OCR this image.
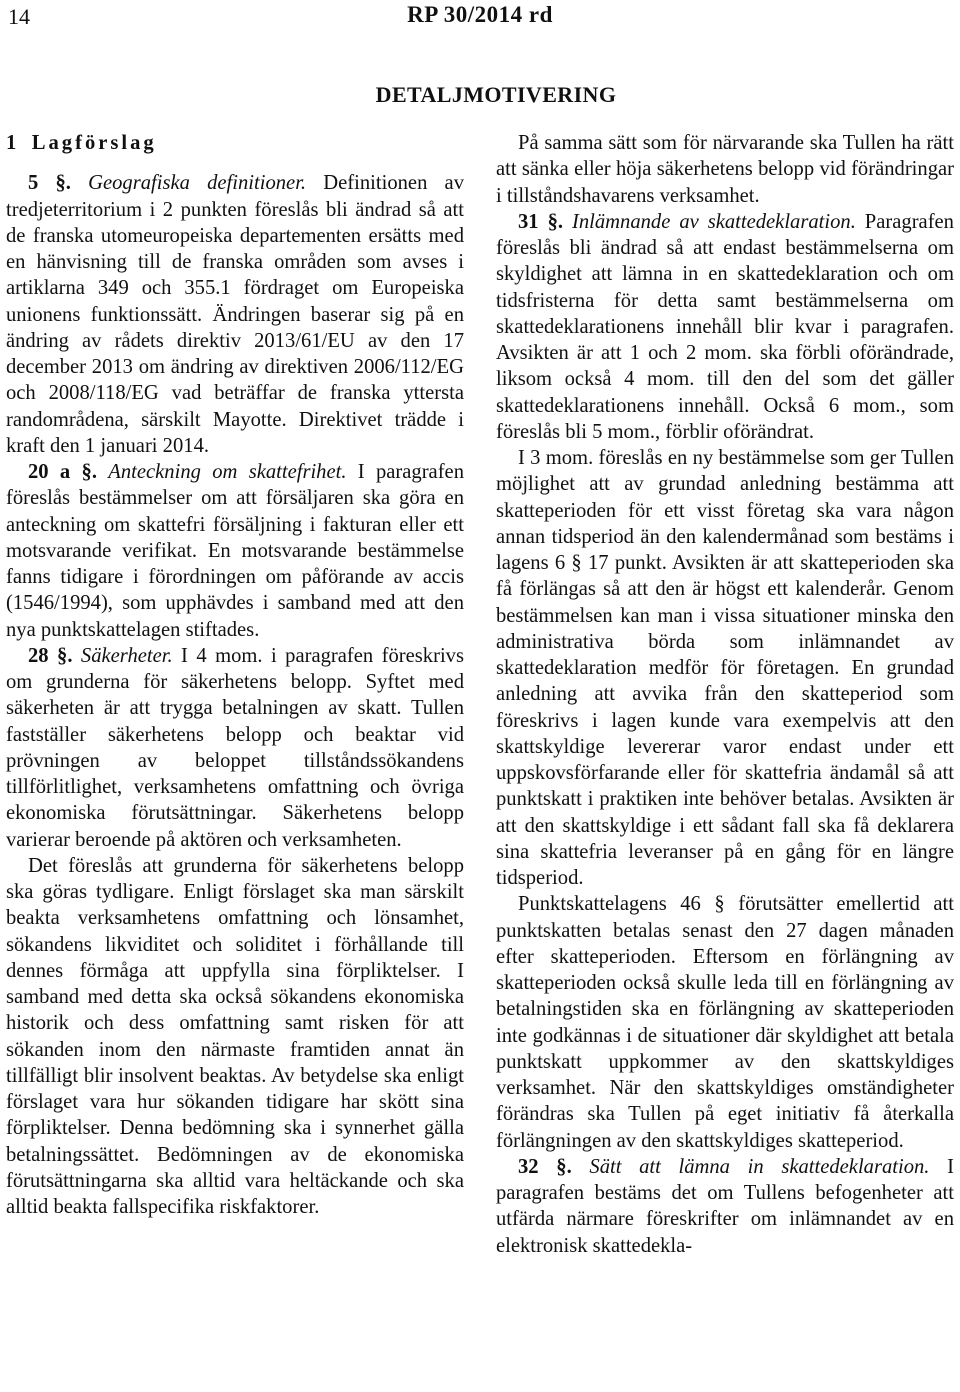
14	RP 30/2014 rd
DETALJMOTIVERING

1 Lagförslag

5 §. Geografiska definitioner. Definitionen av tredjeterritorium i 2 punkten föreslås bli ändrad så att de franska utomeuropeiska departementen ersätts med en hänvisning till de franska områden som avses i artiklarna 349 och 355.1 fördraget om Europeiska unionens funktionssätt. Ändringen baserar sig på en ändring av rådets direktiv 2013/61/EU av den 17 december 2013 om ändring av direktiven 2006/112/EG och 2008/118/EG vad beträffar de franska yttersta randområdena, särskilt Mayotte. Direktivet trädde i kraft den 1 januari 2014.

20 a §. Anteckning om skattefrihet. I paragrafen föreslås bestämmelser om att försäljaren ska göra en anteckning om skattefri försäljning i fakturan eller ett motsvarande verifikat. En motsvarande bestämmelse fanns tidigare i förordningen om påförande av accis (1546/1994), som upphävdes i samband med att den nya punktskattelagen stiftades.

28 §. Säkerheter. I 4 mom. i paragrafen föreskrivs om grunderna för säkerhetens belopp. Syftet med säkerheten är att trygga betalningen av skatt. Tullen fastställer säkerhetens belopp och beaktar vid prövningen av beloppet tillståndssökandens tillförlitlighet, verksamhetens omfattning och övriga ekonomiska förutsättningar. Säkerhetens belopp varierar beroende på aktören och verksamheten.

Det föreslås att grunderna för säkerhetens belopp ska göras tydligare. Enligt förslaget ska man särskilt beakta verksamhetens omfattning och lönsamhet, sökandens likviditet och soliditet i förhållande till dennes förmåga att uppfylla sina förpliktelser. I samband med detta ska också sökandens ekonomiska historik och dess omfattning samt risken för att sökanden inom den närmaste framtiden annat än tillfälligt blir insolvent beaktas. Av betydelse ska enligt förslaget vara hur sökanden tidigare har skött sina förpliktelser. Denna bedömning ska i synnerhet gälla betalningssättet. Bedömningen av de ekonomiska förutsättningarna ska alltid vara heltäckande och ska alltid beakta fallspecifika riskfaktorer.

På samma sätt som för närvarande ska Tullen ha rätt att sänka eller höja säkerhetens belopp vid förändringar i tillståndshavarens verksamhet.

31 §. Inlämnande av skattedeklaration. Paragrafen föreslås bli ändrad så att endast bestämmelserna om skyldighet att lämna in en skattedeklaration och om tidsfristerna för detta samt bestämmelserna om skattedeklarationens innehåll blir kvar i paragrafen. Avsikten är att 1 och 2 mom. ska förbli oförändrade, liksom också 4 mom. till den del som det gäller skattedeklarationens innehåll. Också 6 mom., som föreslås bli 5 mom., förblir oförändrat.

I 3 mom. föreslås en ny bestämmelse som ger Tullen möjlighet att av grundad anledning bestämma att skatteperioden för ett visst företag ska vara någon annan tidsperiod än den kalendermånad som bestäms i lagens 6 § 17 punkt. Avsikten är att skatteperioden ska få förlängas så att den är högst ett kalenderår. Genom bestämmelsen kan man i vissa situationer minska den administrativa börda som inlämnandet av skattedeklaration medför för företagen. En grundad anledning att avvika från den skatteperiod som föreskrivs i lagen kunde vara exempelvis att den skattskyldige levererar varor endast under ett uppskovsförfarande eller för skattefria ändamål så att punktskatt i praktiken inte behöver betalas. Avsikten är att den skattskyldige i ett sådant fall ska få deklarera sina skattefria leveranser på en gång för en längre tidsperiod.

Punktskattelagens 46 § förutsätter emellertid att punktskatten betalas senast den 27 dagen månaden efter skatteperioden. Eftersom en förlängning av skatteperioden också skulle leda till en förlängning av betalningstiden ska en förlängning av skatteperioden inte godkännas i de situationer där skyldighet att betala punktskatt uppkommer av den skattskyldiges verksamhet. När den skattskyldiges omständigheter förändras ska Tullen på eget initiativ få återkalla förlängningen av den skattskyldiges skatteperiod.

32 §. Sätt att lämna in skattedeklaration. I paragrafen bestäms det om Tullens befogenheter att utfärda närmare föreskrifter om inlämnandet av en elektronisk skattedekla-
